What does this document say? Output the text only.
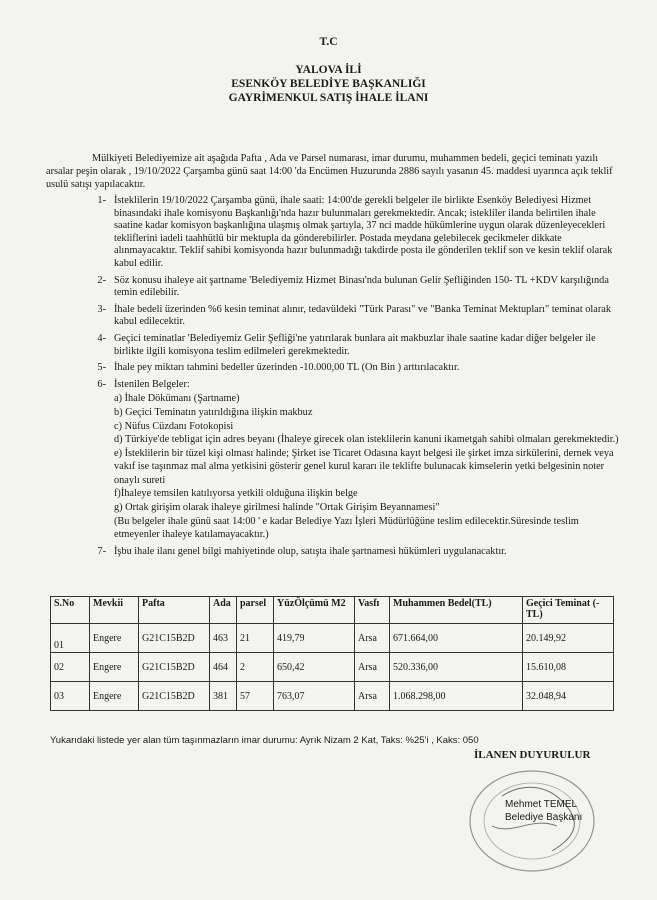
T.C
YALOVA İLİ
ESENKÖY BELEDİYE BAŞKANLIĞI
GAYRİMENKUL SATIŞ İHALE İLANI
Mülkiyeti Belediyemize ait aşağıda Pafta , Ada ve Parsel numarası, imar durumu, muhammen bedeli, geçici teminatı yazılı arsalar peşin olarak , 19/10/2022 Çarşamba günü saat 14:00 'da Encümen Huzurunda 2886 sayılı yasanın 45. maddesi uyarınca açık teklif usulü satışı yapılacaktır.
1- İsteklilerin 19/10/2022 Çarşamba günü, ihale saati: 14:00'de gerekli belgeler ile birlikte Esenköy Belediyesi Hizmet binasındaki ihale komisyonu Başkanlığı'nda hazır bulunmaları gerekmektedir. Ancak; istekliler ilanda belirtilen ihale saatine kadar komisyon başkanlığına ulaşmış olmak şartıyla, 37 nci madde hükümlerine uygun olarak düzenleyecekleri tekliflerini iadeli taahhütlü bir mektupla da gönderebilirler. Postada meydana gelebilecek gecikmeler dikkate alınmayacaktır. Teklif sahibi komisyonda hazır bulunmadığı takdirde posta ile gönderilen teklif son ve kesin teklif olarak kabul edilir.
2- Söz konusu ihaleye ait şartname 'Belediyemiz Hizmet Binası'nda bulunan Gelir Şefliğinden 150- TL +KDV karşılığında temin edilebilir.
3- İhale bedeli üzerinden %6 kesin teminat alınır, tedavüldeki "Türk Parası" ve "Banka Teminat Mektupları" teminat olarak kabul edilecektir.
4- Geçici teminatlar 'Belediyemiz Gelir Şefliği'ne yatırılarak bunlara ait makbuzlar ihale saatine kadar diğer belgeler ile birlikte ilgili komisyona teslim edilmeleri gerekmektedir.
5- İhale pey miktarı tahmini bedeller üzerinden -10.000,00 TL (On Bin ) arttırılacaktır.
6- İstenilen Belgeler:
a) İhale Dökümanı (Şartname)
b) Geçici Teminatın yatırıldığına ilişkin makbuz
c) Nüfus Cüzdanı Fotokopisi
d) Türkiye'de tebligat için adres beyanı (İhaleye girecek olan isteklilerin kanuni ikametgah sahibi olmaları gerekmektedir.)
e) İsteklilerin bir tüzel kişi olması halinde; Şirket ise Ticaret Odasına kayıt belgesi ile şirket imza sirkülerini, dernek veya vakıf ise taşınmaz mal alma yetkisini gösterir genel kurul kararı ile teklifte bulunacak kimselerin yetki belgesinin noter onaylı sureti
f)İhaleye temsilen katılıyorsa yetkili olduğuna ilişkin belge
g) Ortak girişim olarak ihaleye girilmesi halinde "Ortak Girişim Beyannamesi"
(Bu belgeler ihale günü saat 14:00 ' e kadar Belediye Yazı İşleri Müdürlüğüne teslim edilecektir.Süresinde teslim etmeyenler ihaleye katılamayacaktır.)
7- İşbu ihale ilanı genel bilgi mahiyetinde olup, satışta ihale şartnamesi hükümleri uygulanacaktır.
S.No	Mevkii	Pafta	Ada	parsel	YüzÖlçümü M2	Vasfı	Muhammen Bedel(TL)	Geçici Teminat (-TL)
01	Engere	G21C15B2D	463	21	419,79	Arsa	671.664,00	20.149,92
02	Engere	G21C15B2D	464	2	650,42	Arsa	520.336,00	15.610,08
03	Engere	G21C15B2D	381	57	763,07	Arsa	1.068.298,00	32.048,94
Yukarıdaki listede yer alan tüm taşınmazların imar durumu: Ayrık Nizam 2 Kat, Taks: %25'i , Kaks: 050
İLANEN DUYURULUR
Mehmet TEMEL
Belediye Başkanı
